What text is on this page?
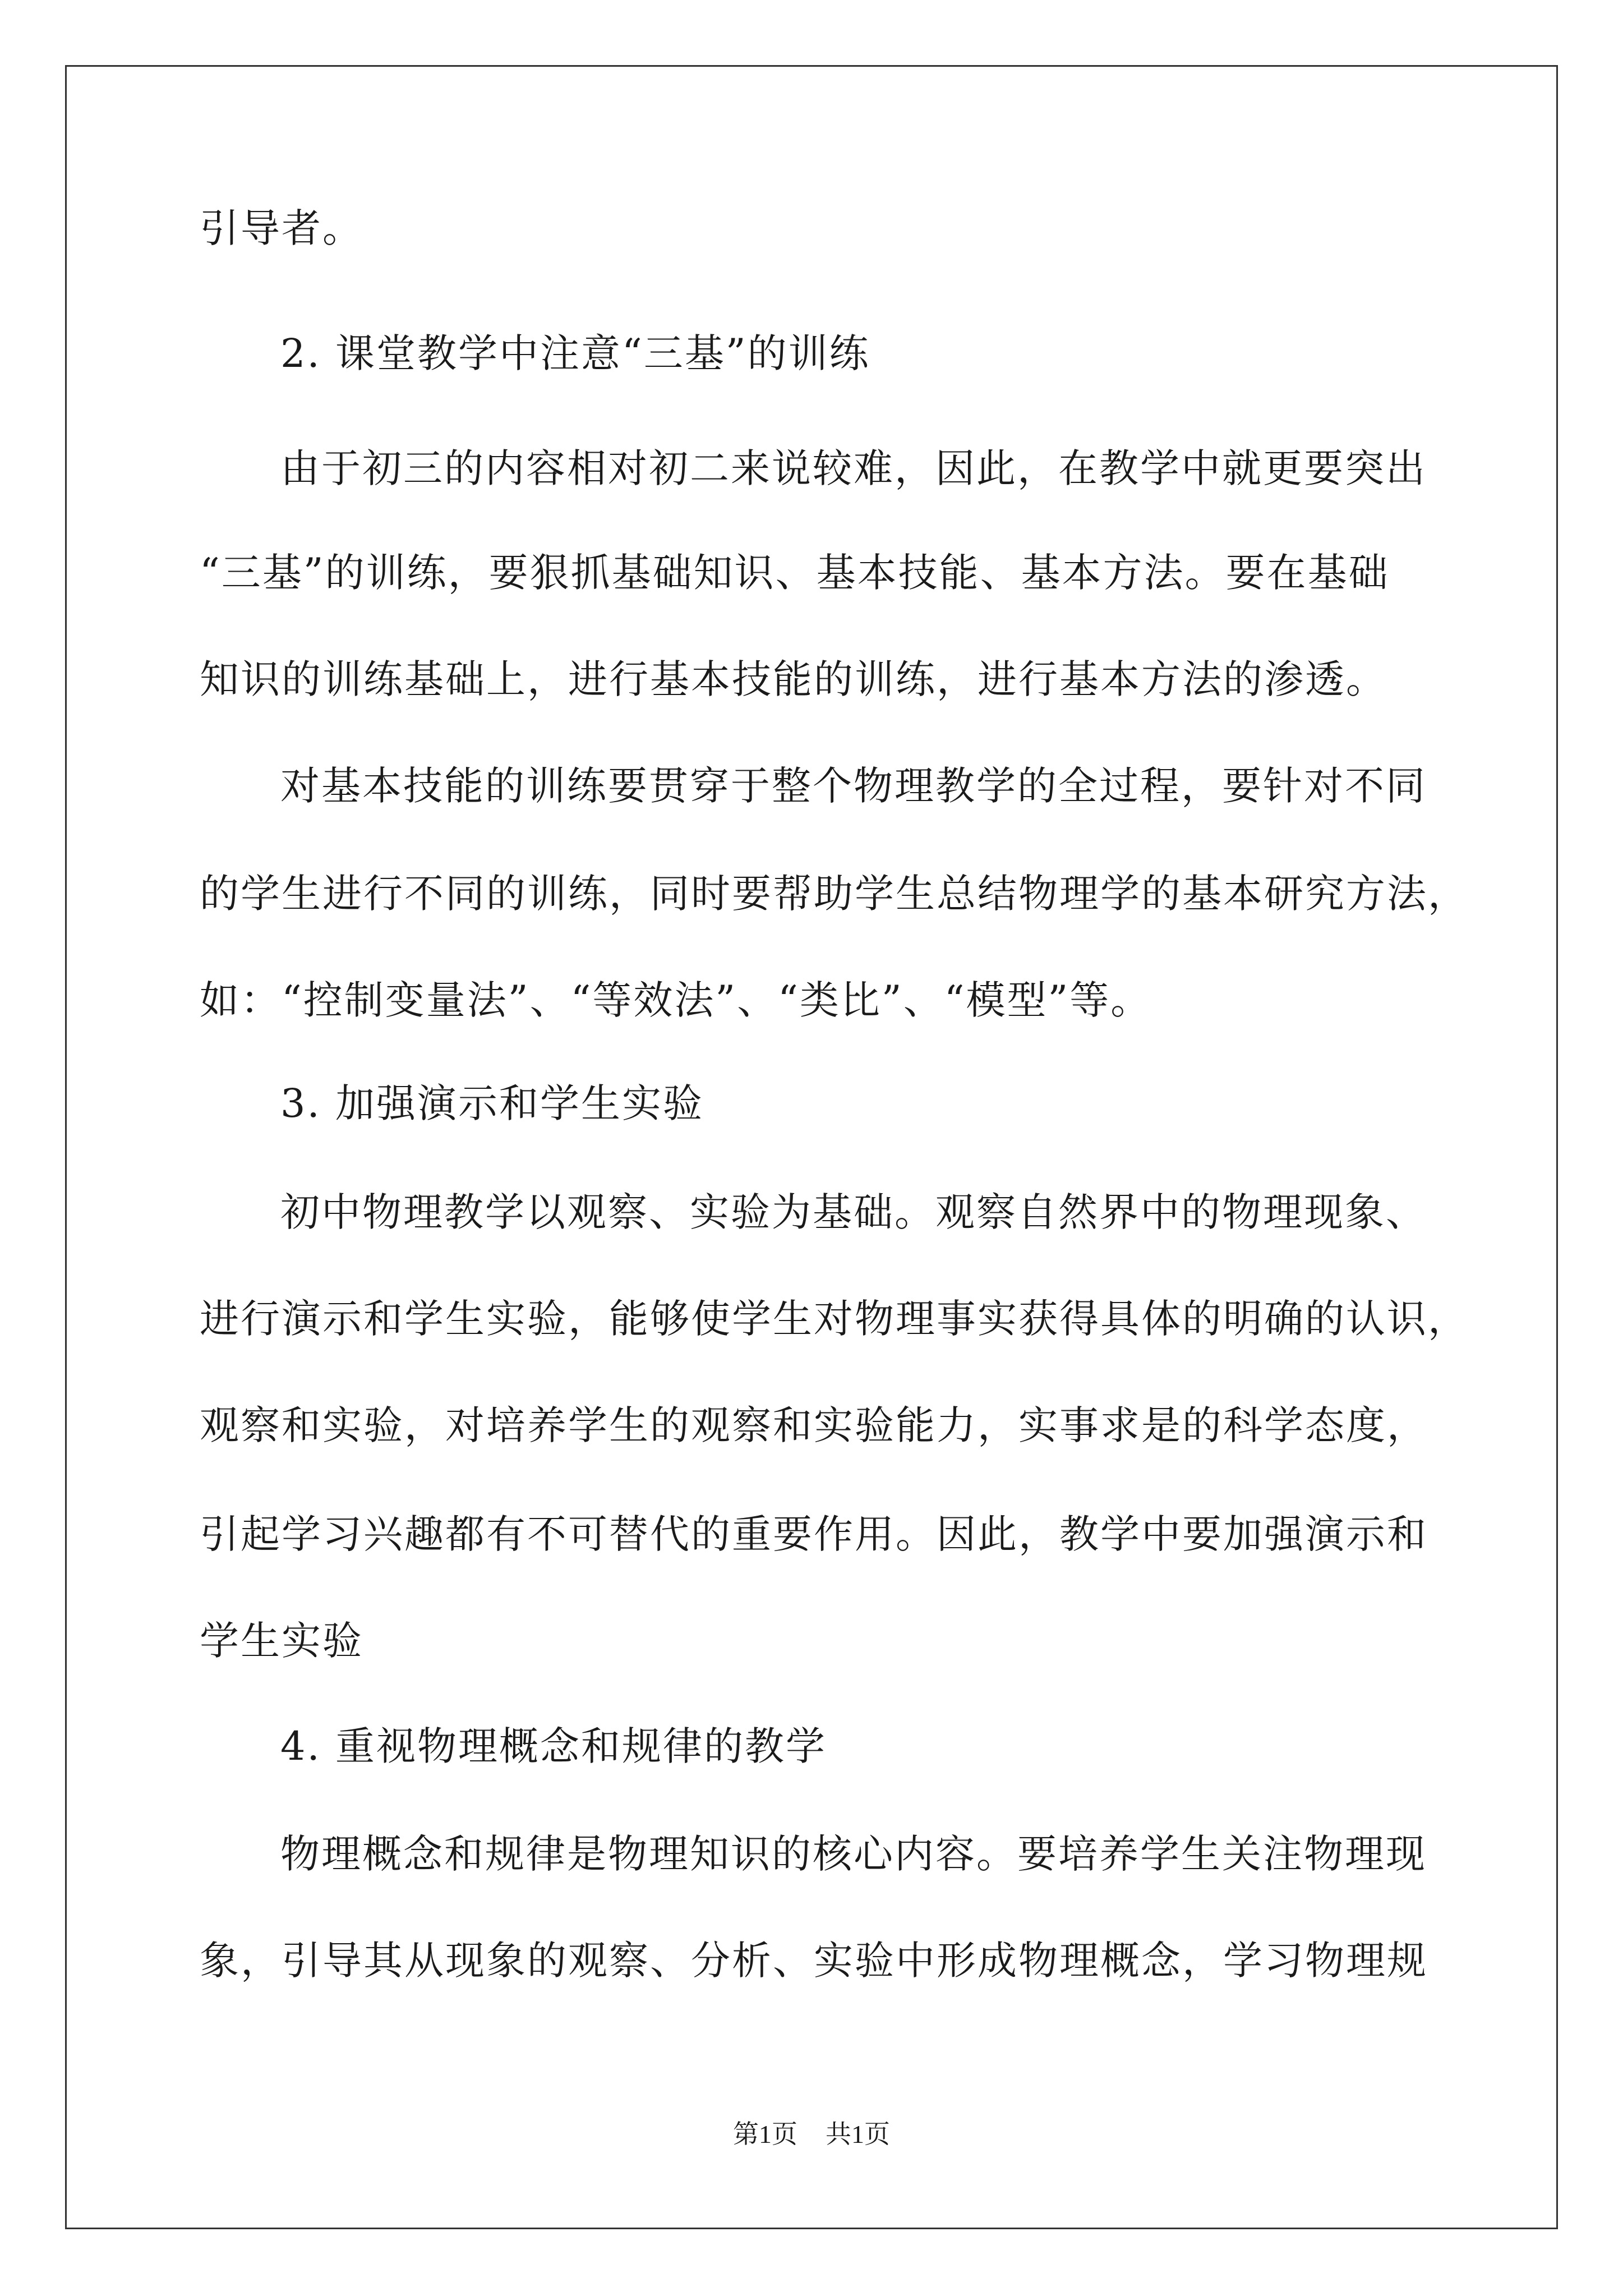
引导者。
2. 课堂教学中注意“三基”的训练
由于初三的内容相对初二来说较难，因此，在教学中就更要突出
“三基”的训练，要狠抓基础知识、基本技能、基本方法。要在基础
知识的训练基础上，进行基本技能的训练，进行基本方法的渗透。
对基本技能的训练要贯穿于整个物理教学的全过程，要针对不同
的学生进行不同的训练，同时要帮助学生总结物理学的基本研究方法，
如：“控制变量法”、“等效法”、“类比”、“模型”等。
3. 加强演示和学生实验
初中物理教学以观察、实验为基础。观察自然界中的物理现象、
进行演示和学生实验，能够使学生对物理事实获得具体的明确的认识，
观察和实验，对培养学生的观察和实验能力，实事求是的科学态度，
引起学习兴趣都有不可替代的重要作用。因此，教学中要加强演示和
学生实验
4. 重视物理概念和规律的教学
物理概念和规律是物理知识的核心内容。要培养学生关注物理现
象，引导其从现象的观察、分析、实验中形成物理概念，学习物理规
第1页 共1页
